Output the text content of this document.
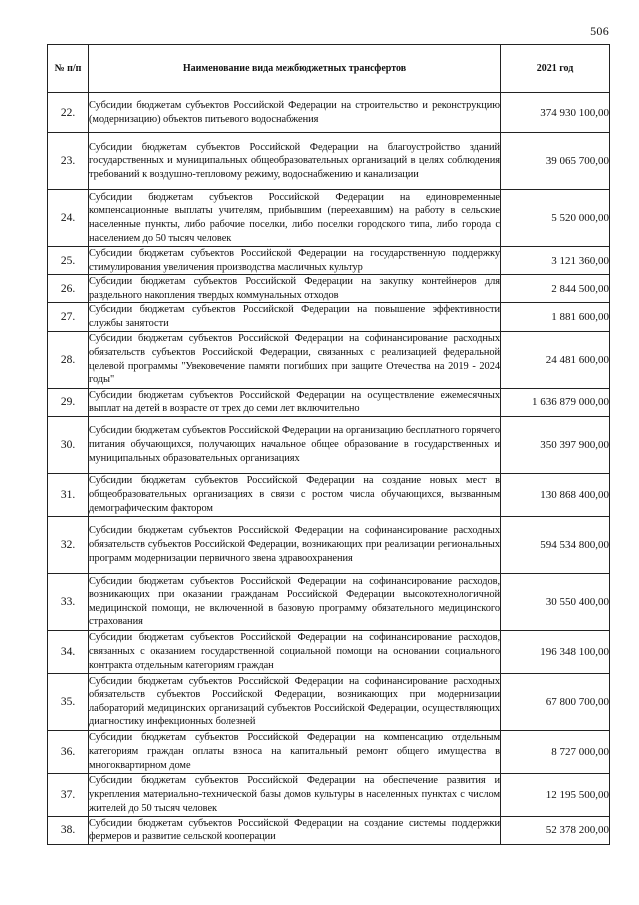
506
№ п/п	Наименование вида межбюджетных трансфертов	2021 год
22.	Субсидии бюджетам субъектов Российской Федерации на строительство и реконструкцию (модернизацию) объектов питьевого водоснабжения	374 930 100,00
23.	Субсидии бюджетам субъектов Российской Федерации на благоустройство зданий государственных и муниципальных общеобразовательных организаций в целях соблюдения требований к воздушно-тепловому режиму, водоснабжению и канализации	39 065 700,00
24.	Субсидии бюджетам субъектов Российской Федерации на единовременные компенсационные выплаты учителям, прибывшим (переехавшим) на работу в сельские населенные пункты, либо рабочие поселки, либо поселки городского типа, либо города с населением до 50 тысяч человек	5 520 000,00
25.	Субсидии бюджетам субъектов Российской Федерации на государственную поддержку стимулирования увеличения производства масличных культур	3 121 360,00
26.	Субсидии бюджетам субъектов Российской Федерации на закупку контейнеров для раздельного накопления твердых коммунальных отходов	2 844 500,00
27.	Субсидии бюджетам субъектов Российской Федерации на повышение эффективности службы занятости	1 881 600,00
28.	Субсидии бюджетам субъектов Российской Федерации на софинансирование расходных обязательств субъектов Российской Федерации, связанных с реализацией федеральной целевой программы "Увековечение памяти погибших при защите Отечества на 2019 - 2024 годы"	24 481 600,00
29.	Субсидии бюджетам субъектов Российской Федерации на осуществление ежемесячных выплат на детей в возрасте от трех до семи лет включительно	1 636 879 000,00
30.	Субсидии бюджетам субъектов Российской Федерации на организацию бесплатного горячего питания обучающихся, получающих начальное общее образование в государственных и муниципальных образовательных организациях	350 397 900,00
31.	Субсидии бюджетам субъектов Российской Федерации на создание новых мест в общеобразовательных организациях в связи с ростом числа обучающихся, вызванным демографическим фактором	130 868 400,00
32.	Субсидии бюджетам субъектов Российской Федерации на софинансирование расходных обязательств субъектов Российской Федерации, возникающих при реализации региональных программ модернизации первичного звена здравоохранения	594 534 800,00
33.	Субсидии бюджетам субъектов Российской Федерации на софинансирование расходов, возникающих при оказании гражданам Российской Федерации высокотехнологичной медицинской помощи, не включенной в базовую программу обязательного медицинского страхования	30 550 400,00
34.	Субсидии бюджетам субъектов Российской Федерации на софинансирование расходов, связанных с оказанием государственной социальной помощи на основании социального контракта отдельным категориям граждан	196 348 100,00
35.	Субсидии бюджетам субъектов Российской Федерации на софинансирование расходных обязательств субъектов Российской Федерации, возникающих при модернизации лабораторий медицинских организаций субъектов Российской Федерации, осуществляющих диагностику инфекционных болезней	67 800 700,00
36.	Субсидии бюджетам субъектов Российской Федерации на компенсацию отдельным категориям граждан оплаты взноса на капитальный ремонт общего имущества в многоквартирном доме	8 727 000,00
37.	Субсидии бюджетам субъектов Российской Федерации на обеспечение развития и укрепления материально-технической базы домов культуры в населенных пунктах с числом жителей до 50 тысяч человек	12 195 500,00
38.	Субсидии бюджетам субъектов Российской Федерации на создание системы поддержки фермеров и развитие сельской кооперации	52 378 200,00
